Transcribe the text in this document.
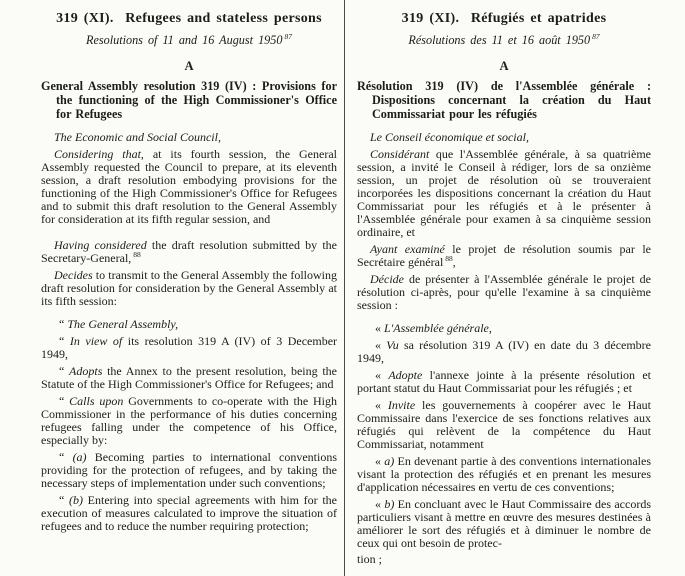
319 (XI).  Refugees and stateless persons

Resolutions of 11 and 16 August 1950 $^{87}$

A

General Assembly resolution 319 (IV) : Provisions for the functioning of the High Commissioner's Office for Refugees

The Economic and Social Council,

Considering that, at its fourth session, the General Assembly requested the Council to prepare, at its eleventh session, a draft resolution embodying provisions for the functioning of the High Commissioner's Office for Refugees and to submit this draft resolution to the General Assembly for consideration at its fifth regular session, and

Having considered the draft resolution submitted by the Secretary-General, $^{88}$

Decides to transmit to the General Assembly the following draft resolution for consideration by the General Assembly at its fifth session:

“ The General Assembly,

“ In view of its resolution 319 A (IV) of 3 December 1949,

“ Adopts the Annex to the present resolution, being the Statute of the High Commissioner's Office for Refugees; and

“ Calls upon Governments to co-operate with the High Commissioner in the performance of his duties concerning refugees falling under the competence of his Office, especially by:

“ (a) Becoming parties to international conventions providing for the protection of refugees, and by taking the necessary steps of implementation under such conventions;

“ (b) Entering into special agreements with him for the execution of measures calculated to improve the situation of refugees and to reduce the number requiring protection;

319 (XI).  Réfugiés et apatrides

Résolutions des 11 et 16 août 1950 $^{87}$

A

Résolution 319 (IV) de l'Assemblée générale : Dispositions concernant la création du Haut Commissariat pour les réfugiés

Le Conseil économique et social,

Considérant que l'Assemblée générale, à sa quatrième session, a invité le Conseil à rédiger, lors de sa onzième session, un projet de résolution où se trouveraient incorporées les dispositions concernant la création du Haut Commissariat pour les réfugiés et à le présenter à l'Assemblée générale pour examen à sa cinquième session ordinaire, et

Ayant examiné le projet de résolution soumis par le Secrétaire général $^{88}$,

Décide de présenter à l'Assemblée générale le projet de résolution ci-après, pour qu'elle l'examine à sa cinquième session :

« L'Assemblée générale,

« Vu sa résolution 319 A (IV) en date du 3 décembre 1949,

« Adopte l'annexe jointe à la présente résolution et portant statut du Haut Commissariat pour les réfugiés ; et

« Invite les gouvernements à coopérer avec le Haut Commissaire dans l'exercice de ses fonctions relatives aux réfugiés qui relèvent de la compétence du Haut Commissariat, notamment

« a) En devenant partie à des conventions internationales visant la protection des réfugiés et en prenant les mesures d'application nécessaires en vertu de ces conventions;

« b) En concluant avec le Haut Commissaire des accords particuliers visant à mettre en œuvre des mesures destinées à améliorer le sort des réfugiés et à diminuer le nombre de ceux qui ont besoin de protec-

tion ;
